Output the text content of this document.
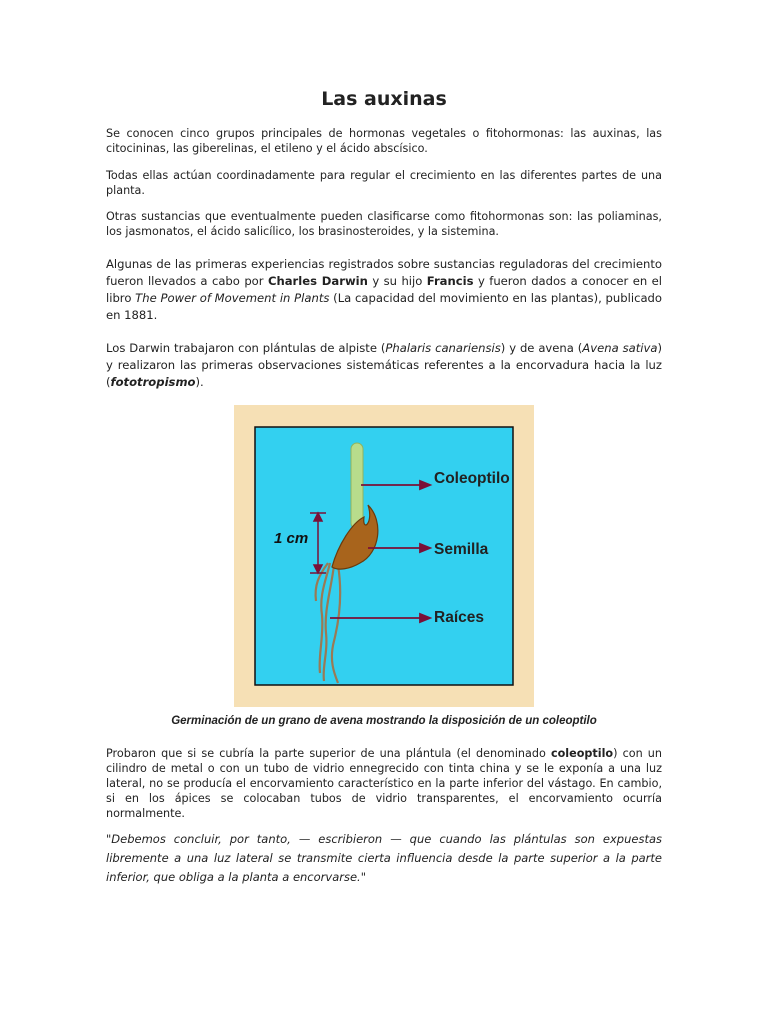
Las auxinas

Se conocen cinco grupos principales de hormonas vegetales o fitohormonas: las auxinas, las citocininas, las giberelinas, el etileno y el ácido abscísico.

Todas ellas actúan coordinadamente para regular el crecimiento en las diferentes partes de una planta.

Otras sustancias que eventualmente pueden clasificarse como fitohormonas son: las poliaminas, los jasmonatos, el ácido salicílico, los brasinosteroides, y la sistemina.

Algunas de las primeras experiencias registrados sobre sustancias reguladoras del crecimiento fueron llevados a cabo por Charles Darwin y su hijo Francis y fueron dados a conocer en el libro The Power of Movement in Plants (La capacidad del movimiento en las plantas), publicado en 1881.

Los Darwin trabajaron con plántulas de alpiste (Phalaris canariensis) y de avena (Avena sativa) y realizaron las primeras observaciones sistemáticas referentes a la encorvadura hacia la luz (fototropismo).

1 cm
Coleoptilo
Semilla
Raíces
Germinación de un grano de avena mostrando la disposición de un coleoptilo

Probaron que si se cubría la parte superior de una plántula (el denominado coleoptilo) con un cilindro de metal o con un tubo de vidrio ennegrecido con tinta china y se le exponía a una luz lateral, no se producía el encorvamiento característico en la parte inferior del vástago. En cambio, si en los ápices se colocaban tubos de vidrio transparentes, el encorvamiento ocurría normalmente.

"Debemos concluir, por tanto, — escribieron — que cuando las plántulas son expuestas libremente a una luz lateral se transmite cierta influencia desde la parte superior a la parte inferior, que obliga a la planta a encorvarse."
